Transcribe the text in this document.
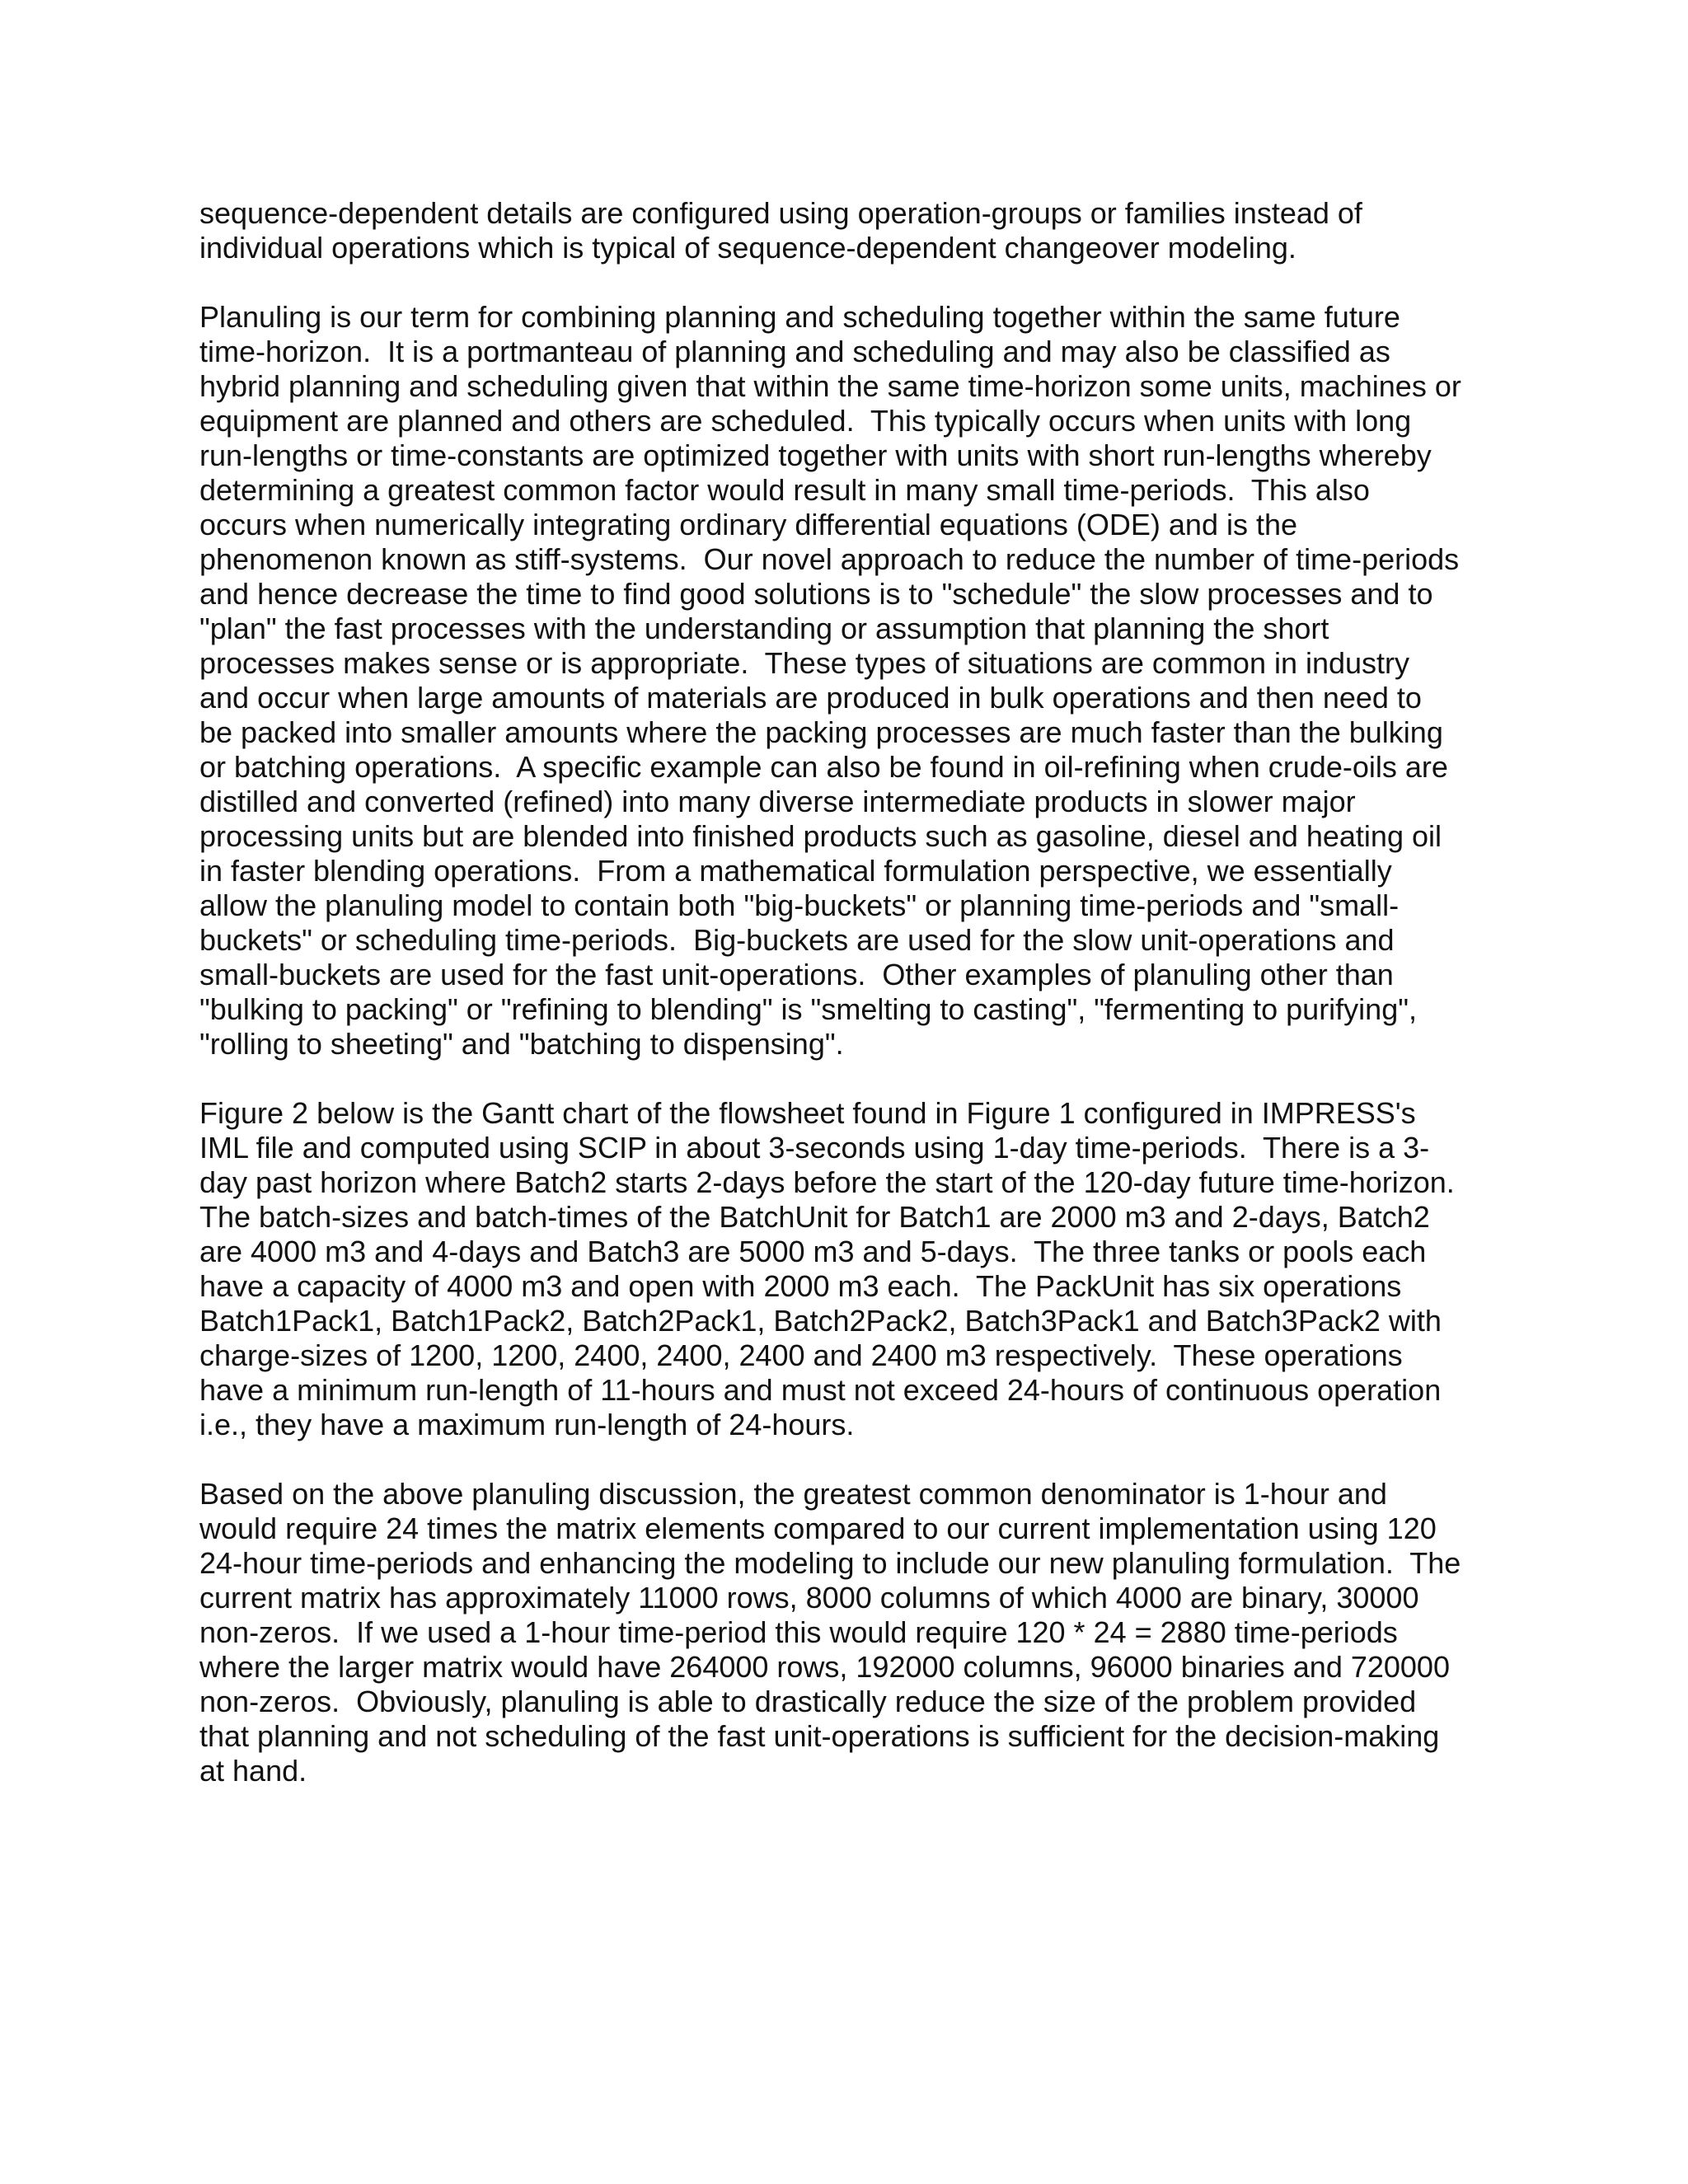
sequence-dependent details are configured using operation-groups or families instead of
individual operations which is typical of sequence-dependent changeover modeling.
Planuling is our term for combining planning and scheduling together within the same future
time-horizon.  It is a portmanteau of planning and scheduling and may also be classified as
hybrid planning and scheduling given that within the same time-horizon some units, machines or
equipment are planned and others are scheduled.  This typically occurs when units with long
run-lengths or time-constants are optimized together with units with short run-lengths whereby
determining a greatest common factor would result in many small time-periods.  This also
occurs when numerically integrating ordinary differential equations (ODE) and is the
phenomenon known as stiff-systems.  Our novel approach to reduce the number of time-periods
and hence decrease the time to find good solutions is to "schedule" the slow processes and to
"plan" the fast processes with the understanding or assumption that planning the short
processes makes sense or is appropriate.  These types of situations are common in industry
and occur when large amounts of materials are produced in bulk operations and then need to
be packed into smaller amounts where the packing processes are much faster than the bulking
or batching operations.  A specific example can also be found in oil-refining when crude-oils are
distilled and converted (refined) into many diverse intermediate products in slower major
processing units but are blended into finished products such as gasoline, diesel and heating oil
in faster blending operations.  From a mathematical formulation perspective, we essentially
allow the planuling model to contain both "big-buckets" or planning time-periods and "small-
buckets" or scheduling time-periods.  Big-buckets are used for the slow unit-operations and
small-buckets are used for the fast unit-operations.  Other examples of planuling other than
"bulking to packing" or "refining to blending" is "smelting to casting", "fermenting to purifying",
"rolling to sheeting" and "batching to dispensing".
Figure 2 below is the Gantt chart of the flowsheet found in Figure 1 configured in IMPRESS's
IML file and computed using SCIP in about 3-seconds using 1-day time-periods.  There is a 3-
day past horizon where Batch2 starts 2-days before the start of the 120-day future time-horizon.
The batch-sizes and batch-times of the BatchUnit for Batch1 are 2000 m3 and 2-days, Batch2
are 4000 m3 and 4-days and Batch3 are 5000 m3 and 5-days.  The three tanks or pools each
have a capacity of 4000 m3 and open with 2000 m3 each.  The PackUnit has six operations
Batch1Pack1, Batch1Pack2, Batch2Pack1, Batch2Pack2, Batch3Pack1 and Batch3Pack2 with
charge-sizes of 1200, 1200, 2400, 2400, 2400 and 2400 m3 respectively.  These operations
have a minimum run-length of 11-hours and must not exceed 24-hours of continuous operation
i.e., they have a maximum run-length of 24-hours.
Based on the above planuling discussion, the greatest common denominator is 1-hour and
would require 24 times the matrix elements compared to our current implementation using 120
24-hour time-periods and enhancing the modeling to include our new planuling formulation.  The
current matrix has approximately 11000 rows, 8000 columns of which 4000 are binary, 30000
non-zeros.  If we used a 1-hour time-period this would require 120 * 24 = 2880 time-periods
where the larger matrix would have 264000 rows, 192000 columns, 96000 binaries and 720000
non-zeros.  Obviously, planuling is able to drastically reduce the size of the problem provided
that planning and not scheduling of the fast unit-operations is sufficient for the decision-making
at hand.
